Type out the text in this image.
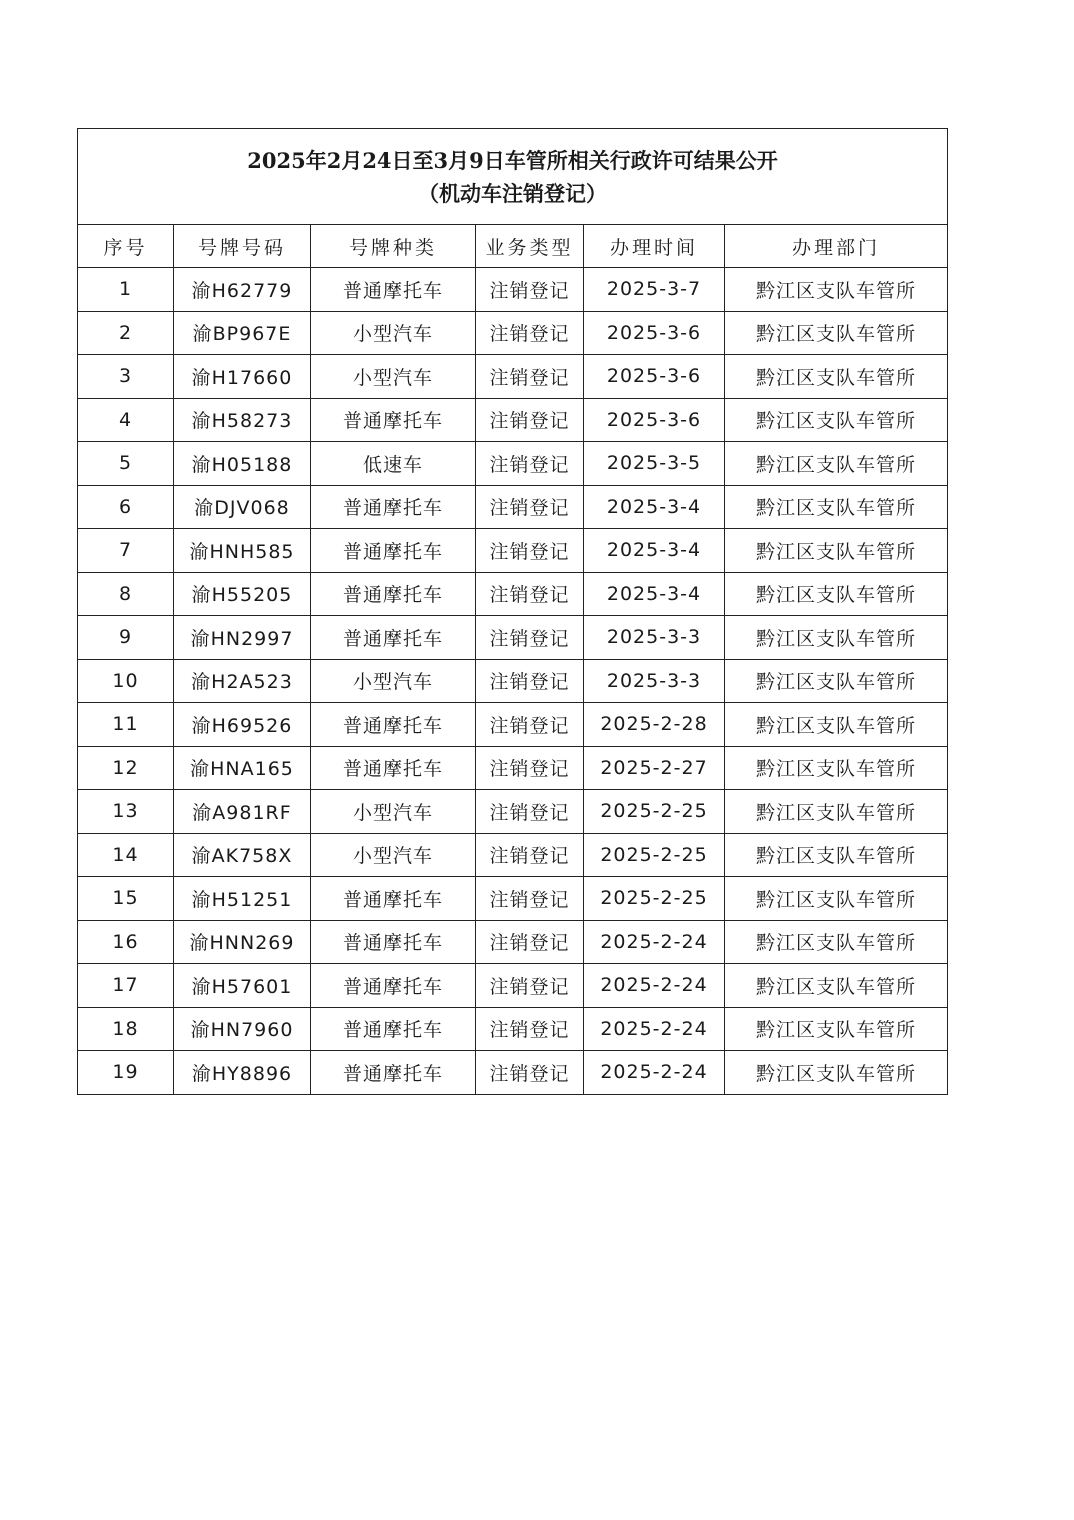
2025年2月24日至3月9日车管所相关行政许可结果公开
（机动车注销登记）					

序号	号牌号码	号牌种类	业务类型	办理时间	办理部门
1	渝H62779	普通摩托车	注销登记	2025-3-7	黔江区支队车管所
2	渝BP967E	小型汽车	注销登记	2025-3-6	黔江区支队车管所
3	渝H17660	小型汽车	注销登记	2025-3-6	黔江区支队车管所
4	渝H58273	普通摩托车	注销登记	2025-3-6	黔江区支队车管所
5	渝H05188	低速车	注销登记	2025-3-5	黔江区支队车管所
6	渝DJV068	普通摩托车	注销登记	2025-3-4	黔江区支队车管所
7	渝HNH585	普通摩托车	注销登记	2025-3-4	黔江区支队车管所
8	渝H55205	普通摩托车	注销登记	2025-3-4	黔江区支队车管所
9	渝HN2997	普通摩托车	注销登记	2025-3-3	黔江区支队车管所
10	渝H2A523	小型汽车	注销登记	2025-3-3	黔江区支队车管所
11	渝H69526	普通摩托车	注销登记	2025-2-28	黔江区支队车管所
12	渝HNA165	普通摩托车	注销登记	2025-2-27	黔江区支队车管所
13	渝A981RF	小型汽车	注销登记	2025-2-25	黔江区支队车管所
14	渝AK758X	小型汽车	注销登记	2025-2-25	黔江区支队车管所
15	渝H51251	普通摩托车	注销登记	2025-2-25	黔江区支队车管所
16	渝HNN269	普通摩托车	注销登记	2025-2-24	黔江区支队车管所
17	渝H57601	普通摩托车	注销登记	2025-2-24	黔江区支队车管所
18	渝HN7960	普通摩托车	注销登记	2025-2-24	黔江区支队车管所
19	渝HY8896	普通摩托车	注销登记	2025-2-24	黔江区支队车管所
